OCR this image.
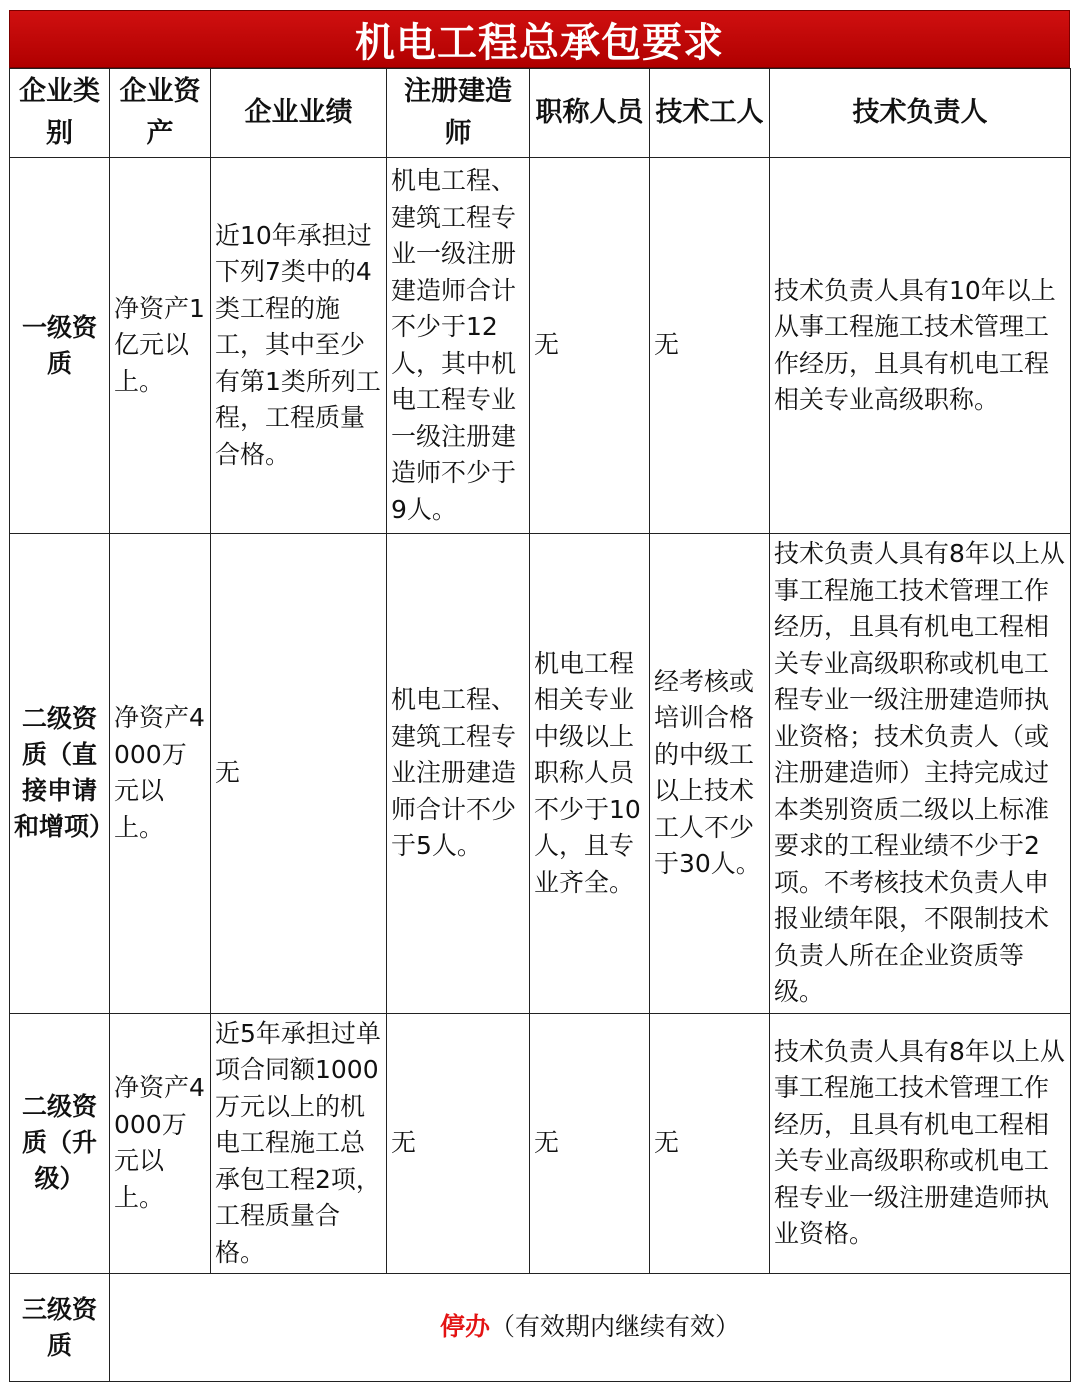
机电工程总承包要求
企业类别	企业资产	企业业绩	注册建造师	职称人员	技术工人	技术负责人
一级资质	净资产1亿元以上。	近10年承担过下列7类中的4类工程的施工，其中至少有第1类所列工程，工程质量合格。	机电工程、建筑工程专业一级注册建造师合计不少于12人，其中机电工程专业一级注册建造师不少于9人。	无	无	技术负责人具有10年以上从事工程施工技术管理工作经历，且具有机电工程相关专业高级职称。
二级资质（直接申请和增项）	净资产4000万元以上。	无	机电工程、建筑工程专业注册建造师合计不少于5人。	机电工程相关专业中级以上职称人员不少于10人，且专业齐全。	经考核或培训合格的中级工以上技术工人不少于30人。	技术负责人具有8年以上从事工程施工技术管理工作经历，且具有机电工程相关专业高级职称或机电工程专业一级注册建造师执业资格；技术负责人（或注册建造师）主持完成过本类别资质二级以上标准要求的工程业绩不少于2项。不考核技术负责人申报业绩年限，不限制技术负责人所在企业资质等级。
二级资质（升级）	净资产4000万元以上。	近5年承担过单项合同额1000万元以上的机电工程施工总承包工程2项，工程质量合格。	无	无	无	技术负责人具有8年以上从事工程施工技术管理工作经历，且具有机电工程相关专业高级职称或机电工程专业一级注册建造师执业资格。
三级资质	停办（有效期内继续有效）					
